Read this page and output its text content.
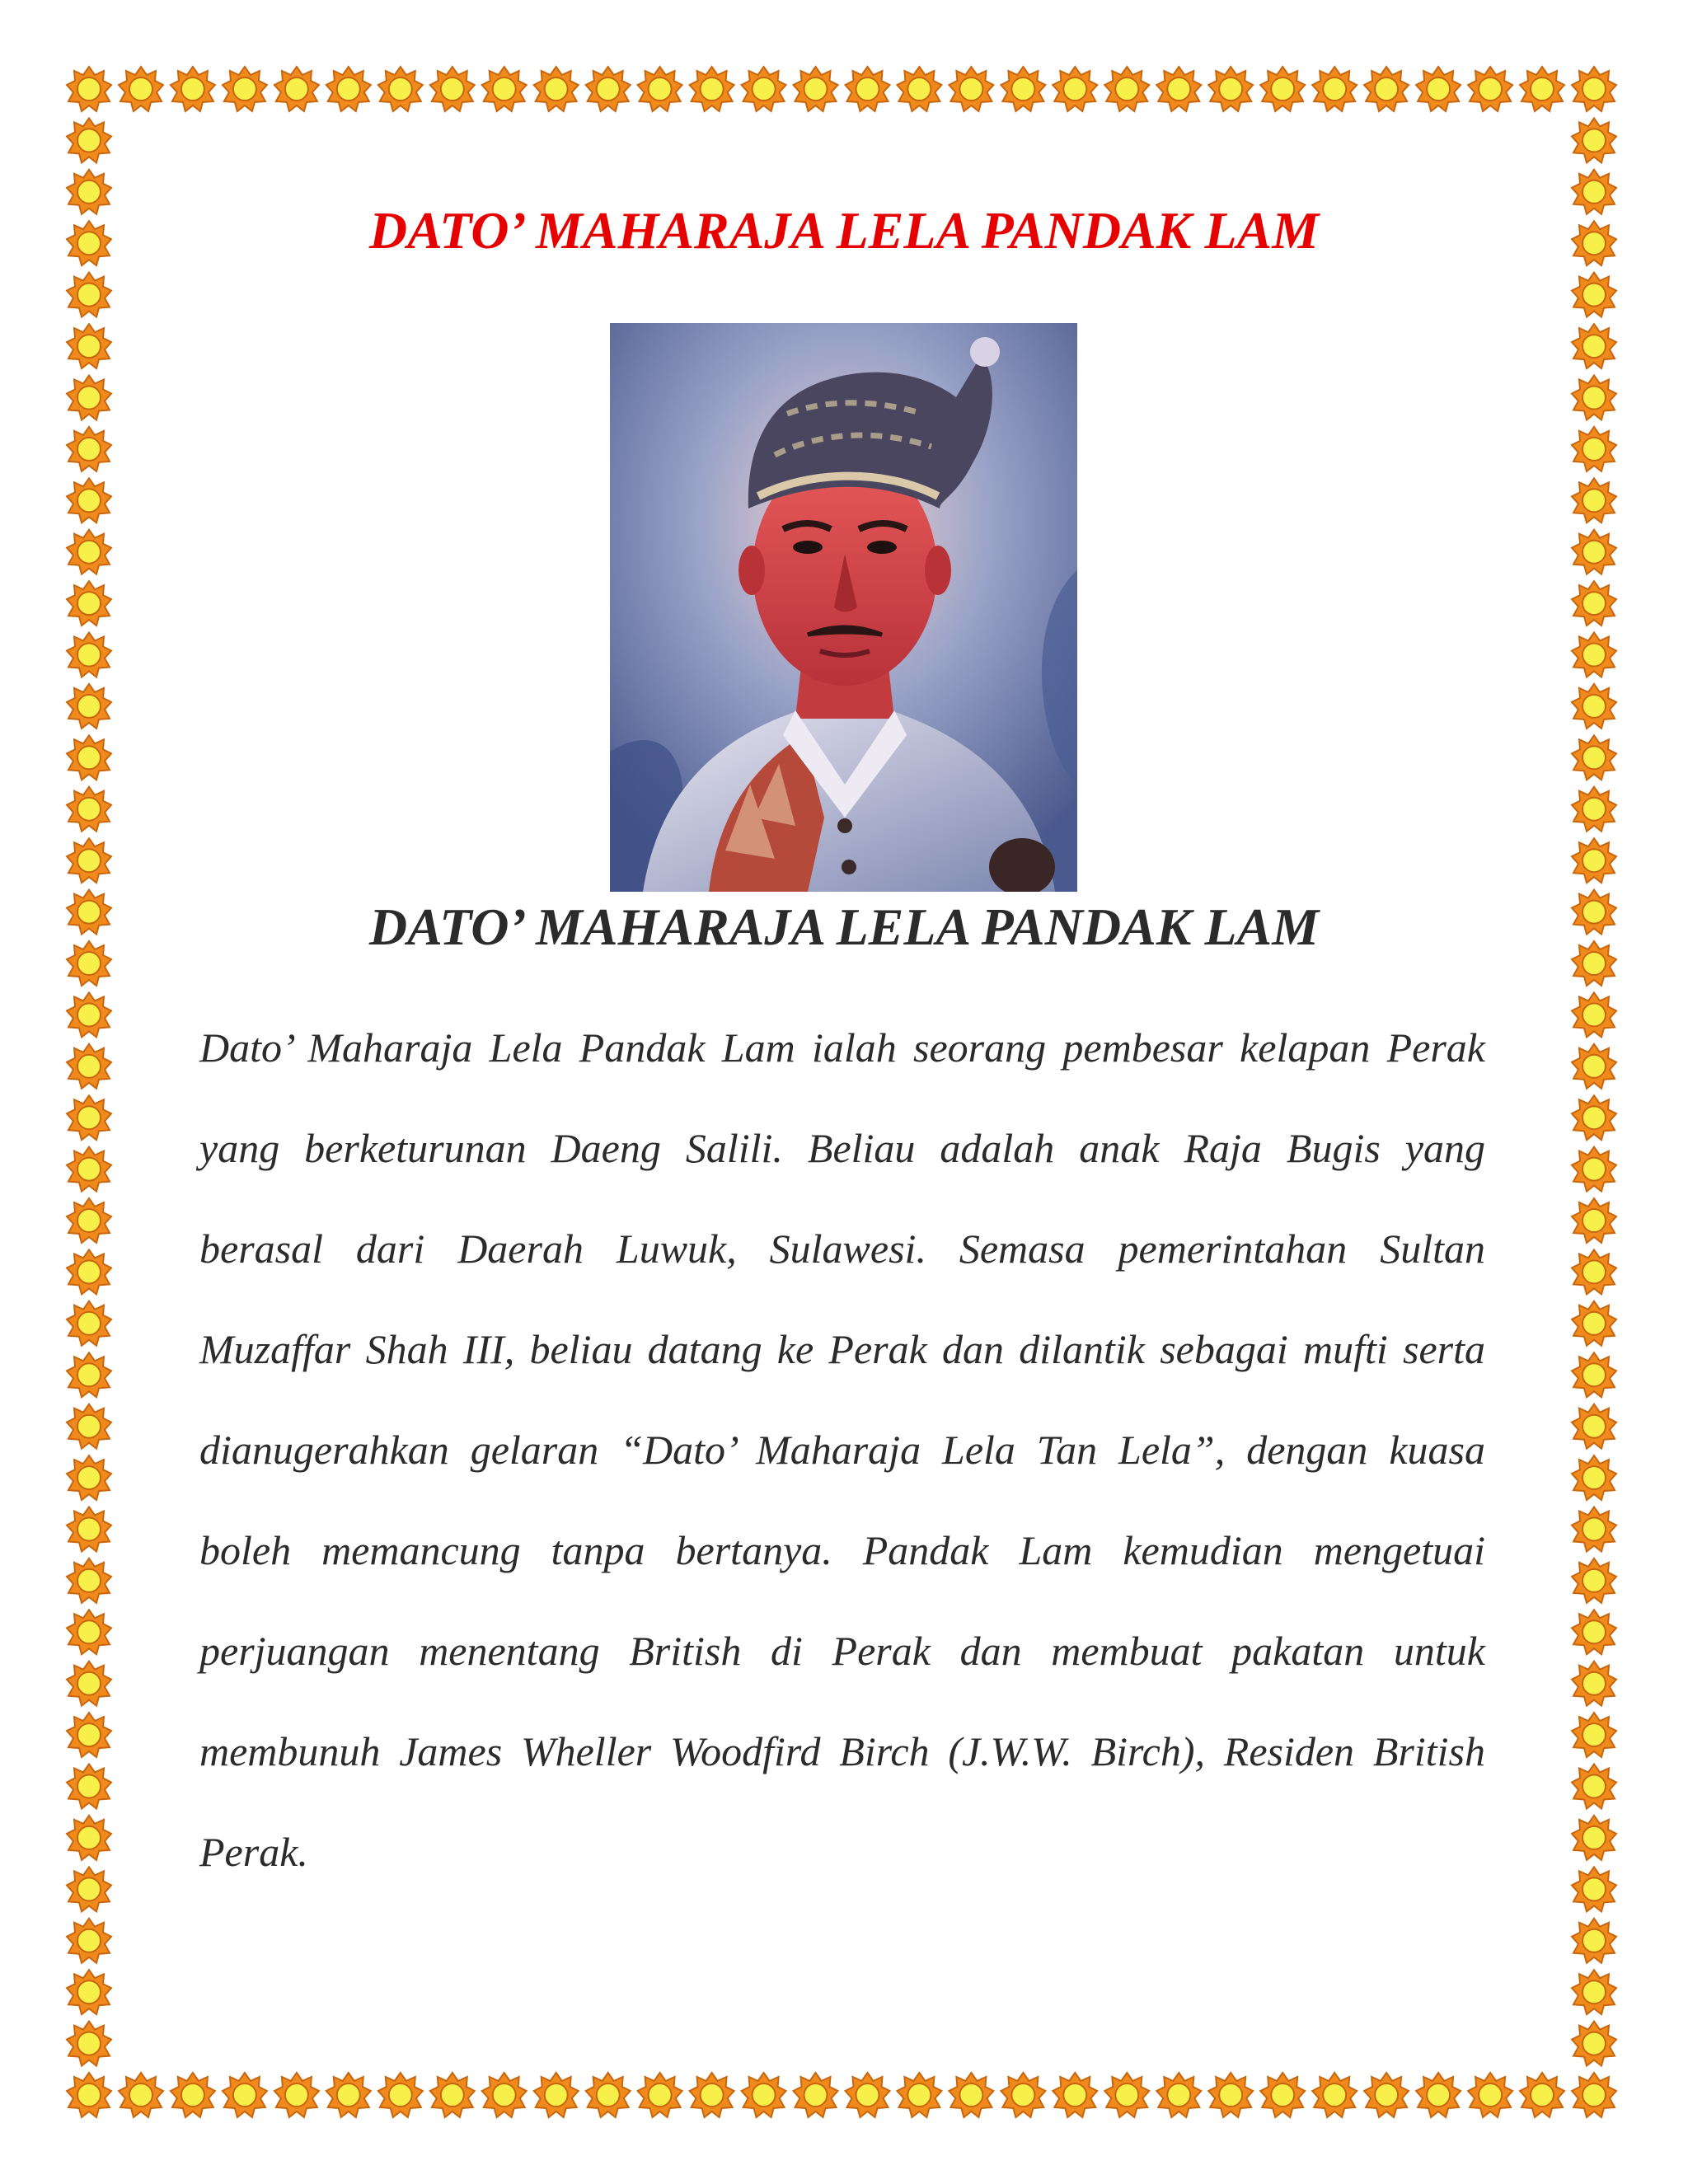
DATO’ MAHARAJA LELA PANDAK LAM
DATO’ MAHARAJA LELA PANDAK LAM

Dato’ Maharaja Lela Pandak Lam ialah seorang pembesar kelapan Perak yang berketurunan Daeng Salili. Beliau adalah anak Raja Bugis yang berasal dari Daerah Luwuk, Sulawesi. Semasa pemerintahan Sultan Muzaffar Shah III, beliau datang ke Perak dan dilantik sebagai mufti serta dianugerahkan gelaran “Dato’ Maharaja Lela Tan Lela”, dengan kuasa boleh memancung tanpa bertanya. Pandak Lam kemudian mengetuai perjuangan menentang British di Perak dan membuat pakatan untuk membunuh James Wheller Woodfird Birch (J.W.W. Birch), Residen British Perak.
